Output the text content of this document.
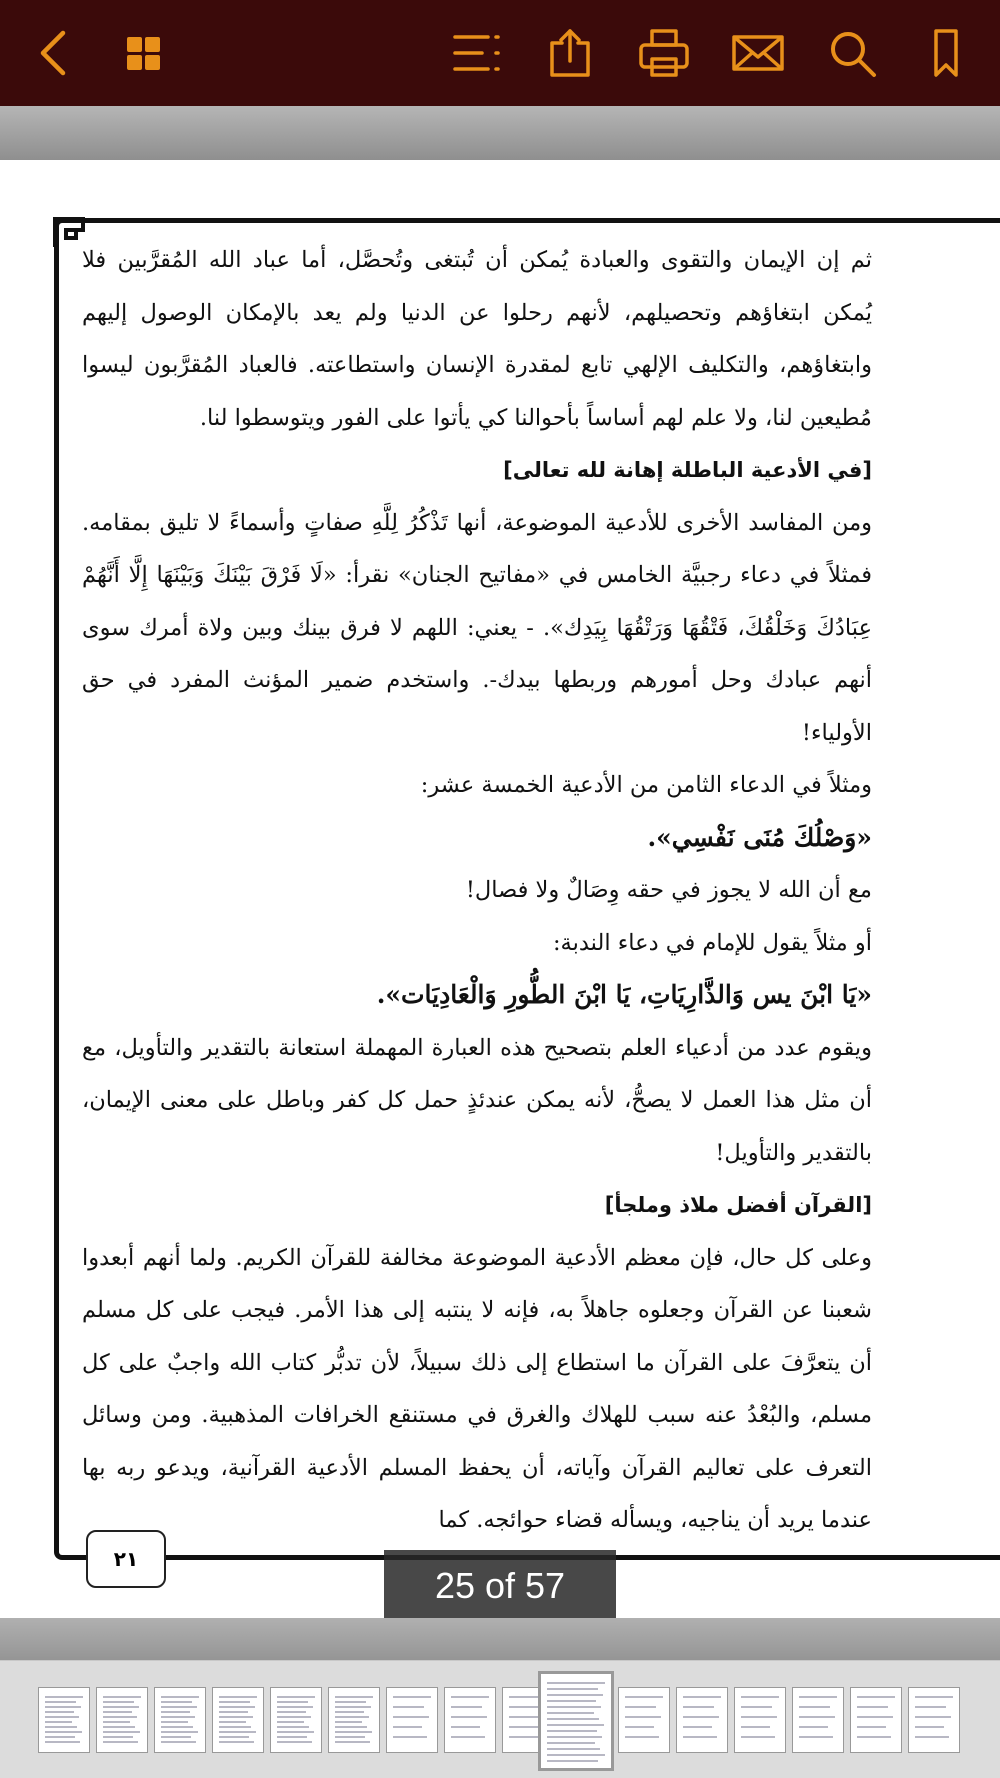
ثم إن الإيمان والتقوى والعبادة يُمكن أن تُبتغى وتُحصَّل، أما عباد الله المُقرَّبين فلا يُمكن ابتغاؤهم وتحصيلهم، لأنهم رحلوا عن الدنيا ولم يعد بالإمكان الوصول إليهم وابتغاؤهم، والتكليف الإلهي تابع لمقدرة الإنسان واستطاعته. فالعباد المُقرَّبون ليسوا مُطيعين لنا، ولا علم لهم أساساً بأحوالنا كي يأتوا على الفور ويتوسطوا لنا.

[في الأدعية الباطلة إهانة لله تعالى]

ومن المفاسد الأخرى للأدعية الموضوعة، أنها تَذْكُرُ لِلَّهِ صفاتٍ وأسماءً لا تليق بمقامه. فمثلاً في دعاء رجبيَّة الخامس في «مفاتيح الجنان» نقرأ: «لَا فَرْقَ بَيْنَكَ وَبَيْنَهَا إِلَّا أَنَّهُمْ عِبَادُكَ وَخَلْقُكَ، فَتْقُهَا وَرَتْقُهَا بِيَدِك». - يعني: اللهم لا فرق بينك وبين ولاة أمرك سوى أنهم عبادك وحل أمورهم وربطها بيدك-. واستخدم ضمير المؤنث المفرد في حق الأولياء!

ومثلاً في الدعاء الثامن من الأدعية الخمسة عشر:

«وَصْلُكَ مُنَى نَفْسِي».

مع أن الله لا يجوز في حقه وِصَالٌ ولا فصال!

أو مثلاً يقول للإمام في دعاء الندبة:

«يَا ابْنَ يس وَالذَّارِيَاتِ، يَا ابْنَ الطُّورِ وَالْعَادِيَات».

ويقوم عدد من أدعياء العلم بتصحيح هذه العبارة المهملة استعانة بالتقدير والتأويل، مع أن مثل هذا العمل لا يصحُّ، لأنه يمكن عندئذٍ حمل كل كفر وباطل على معنى الإيمان، بالتقدير والتأويل!

[القرآن أفضل ملاذ وملجأ]

وعلى كل حال، فإن معظم الأدعية الموضوعة مخالفة للقرآن الكريم. ولما أنهم أبعدوا شعبنا عن القرآن وجعلوه جاهلاً به، فإنه لا ينتبه إلى هذا الأمر. فيجب على كل مسلم أن يتعرَّفَ على القرآن ما استطاع إلى ذلك سبيلاً، لأن تدبُّر كتاب الله واجبٌ على كل مسلم، والبُعْدُ عنه سبب للهلاك والغرق في مستنقع الخرافات المذهبية. ومن وسائل التعرف على تعاليم القرآن وآياته، أن يحفظ المسلم الأدعية القرآنية، ويدعو ربه بها عندما يريد أن يناجيه، ويسأله قضاء حوائجه. كما

٢١
25 of 57
